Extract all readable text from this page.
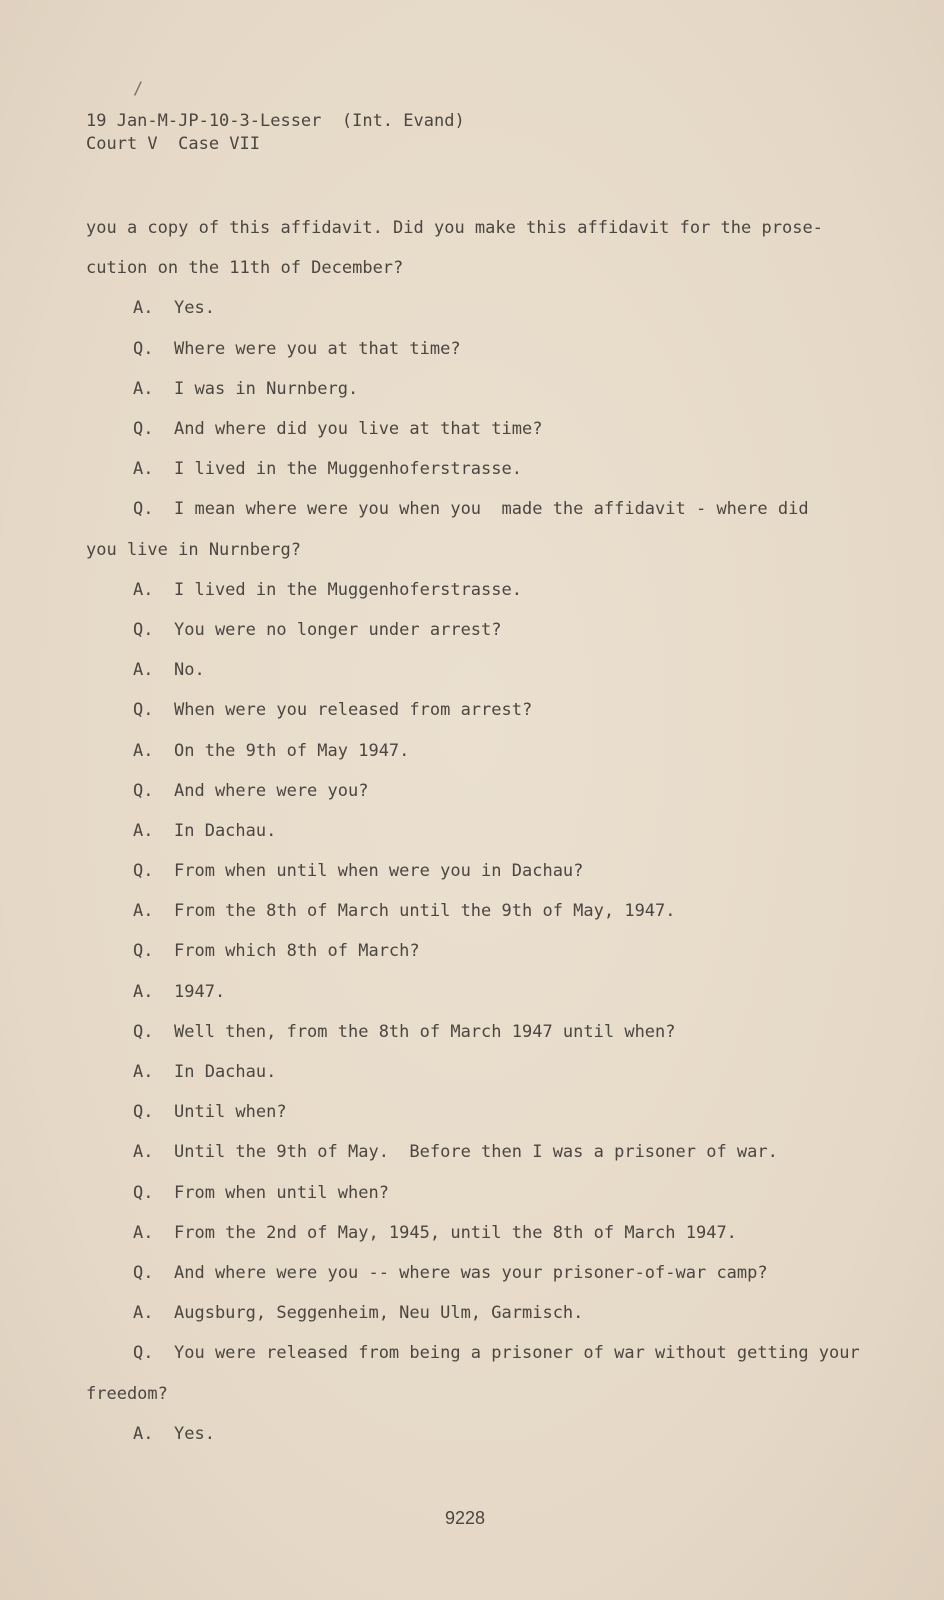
/
19 Jan-M-JP-10-3-Lesser  (Int. Evand)
Court V  Case VII
you a copy of this affidavit. Did you make this affidavit for the prose-
cution on the 11th of December?
A.	Yes.
Q.	Where were you at that time?
A.	I was in Nurnberg.
Q.	And where did you live at that time?
A.	I lived in the Muggenhoferstrasse.
Q.	I mean where were you when you  made the affidavit - where did
you live in Nurnberg?
A.	I lived in the Muggenhoferstrasse.
Q.	You were no longer under arrest?
A.	No.
Q.	When were you released from arrest?
A.	On the 9th of May 1947.
Q.	And where were you?
A.	In Dachau.
Q.	From when until when were you in Dachau?
A.	From the 8th of March until the 9th of May, 1947.
Q.	From which 8th of March?
A.	1947.
Q.	Well then, from the 8th of March 1947 until when?
A.	In Dachau.
Q.	Until when?
A.	Until the 9th of May.  Before then I was a prisoner of war.
Q.	From when until when?
A.	From the 2nd of May, 1945, until the 8th of March 1947.
Q.	And where were you -- where was your prisoner-of-war camp?
A.	Augsburg, Seggenheim, Neu Ulm, Garmisch.
Q.	You were released from being a prisoner of war without getting your
freedom?
A.	Yes.
9228
